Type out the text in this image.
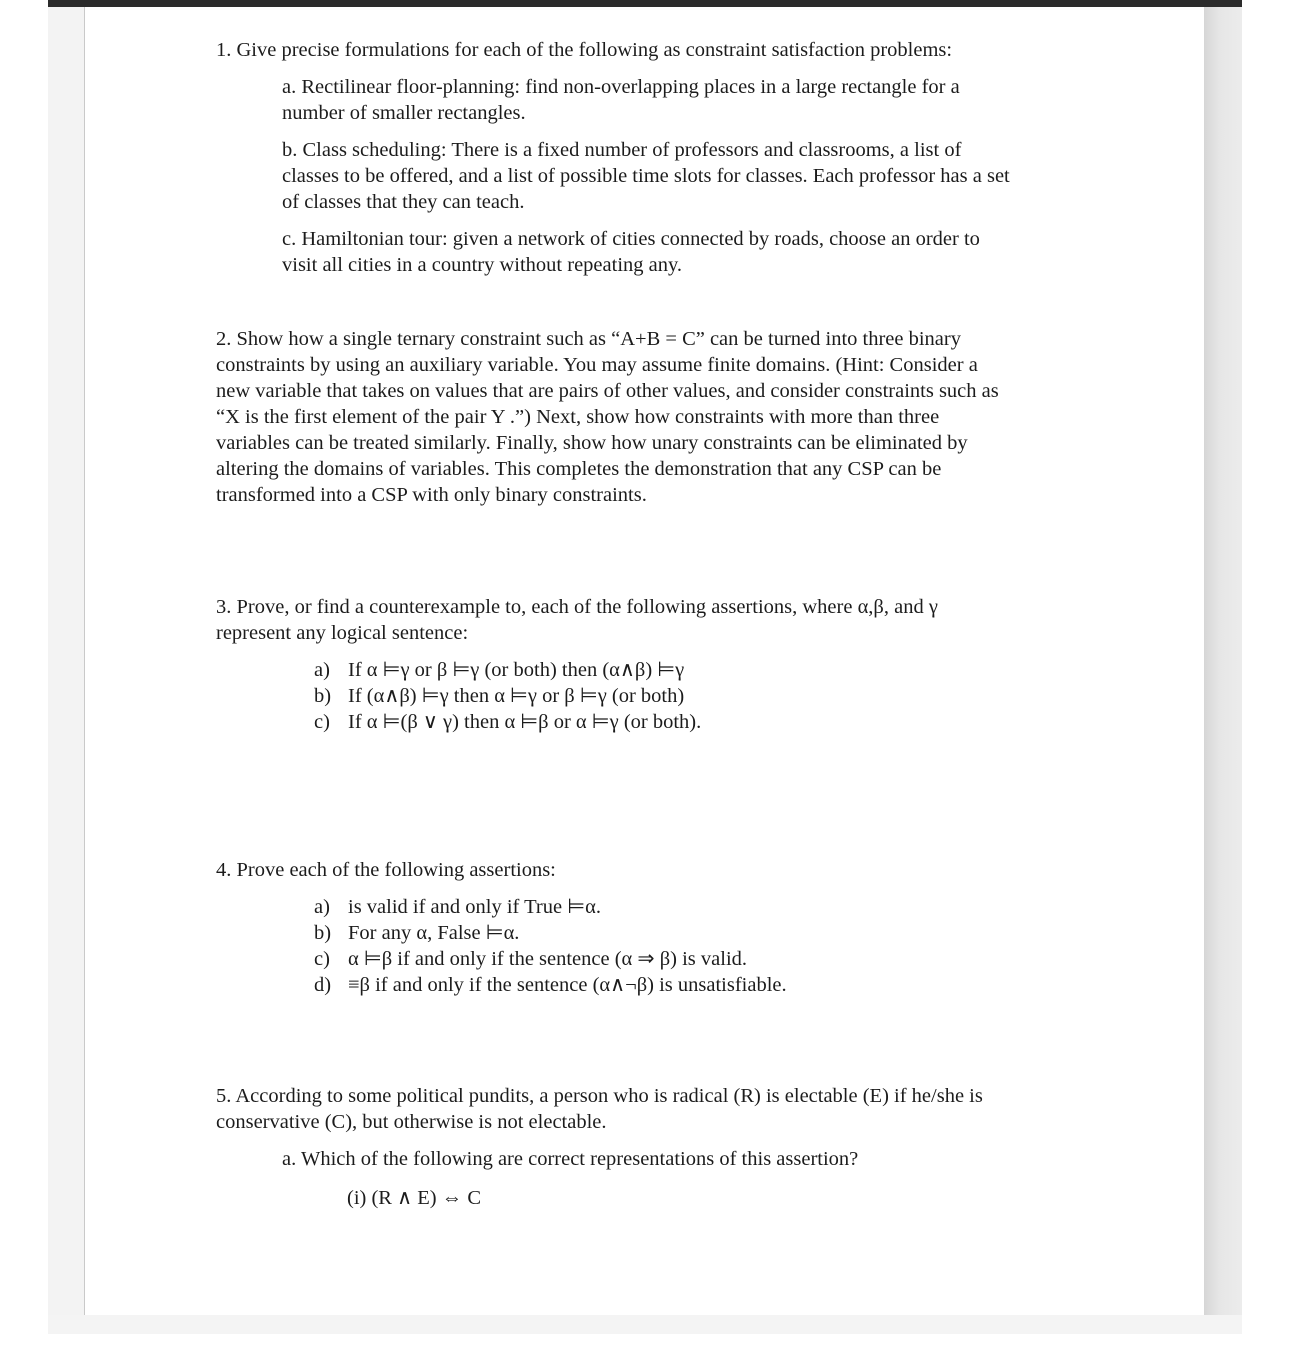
1. Give precise formulations for each of the following as constraint satisfaction problems:
a. Rectilinear floor-planning: find non-overlapping places in a large rectangle for a
number of smaller rectangles.
b. Class scheduling: There is a fixed number of professors and classrooms, a list of
classes to be offered, and a list of possible time slots for classes. Each professor has a set
of classes that they can teach.
c. Hamiltonian tour: given a network of cities connected by roads, choose an order to
visit all cities in a country without repeating any.
2. Show how a single ternary constraint such as “A+B = C” can be turned into three binary
constraints by using an auxiliary variable. You may assume finite domains. (Hint: Consider a
new variable that takes on values that are pairs of other values, and consider constraints such as
“X is the first element of the pair Y .”) Next, show how constraints with more than three
variables can be treated similarly. Finally, show how unary constraints can be eliminated by
altering the domains of variables. This completes the demonstration that any CSP can be
transformed into a CSP with only binary constraints.
3. Prove, or find a counterexample to, each of the following assertions, where α,β, and γ
represent any logical sentence:
a) If α ⊨γ or β ⊨γ (or both) then (α∧β) ⊨γ
b) If (α∧β) ⊨γ then α ⊨γ or β ⊨γ (or both)
c) If α ⊨(β ∨ γ) then α ⊨β or α ⊨γ (or both).
4. Prove each of the following assertions:
a) is valid if and only if True ⊨α.
b) For any α, False ⊨α.
c) α ⊨β if and only if the sentence (α ⇒ β) is valid.
d) ≡β if and only if the sentence (α∧¬β) is unsatisfiable.
5. According to some political pundits, a person who is radical (R) is electable (E) if he/she is
conservative (C), but otherwise is not electable.
a. Which of the following are correct representations of this assertion?
(i) (R ∧ E) ⇔ C
